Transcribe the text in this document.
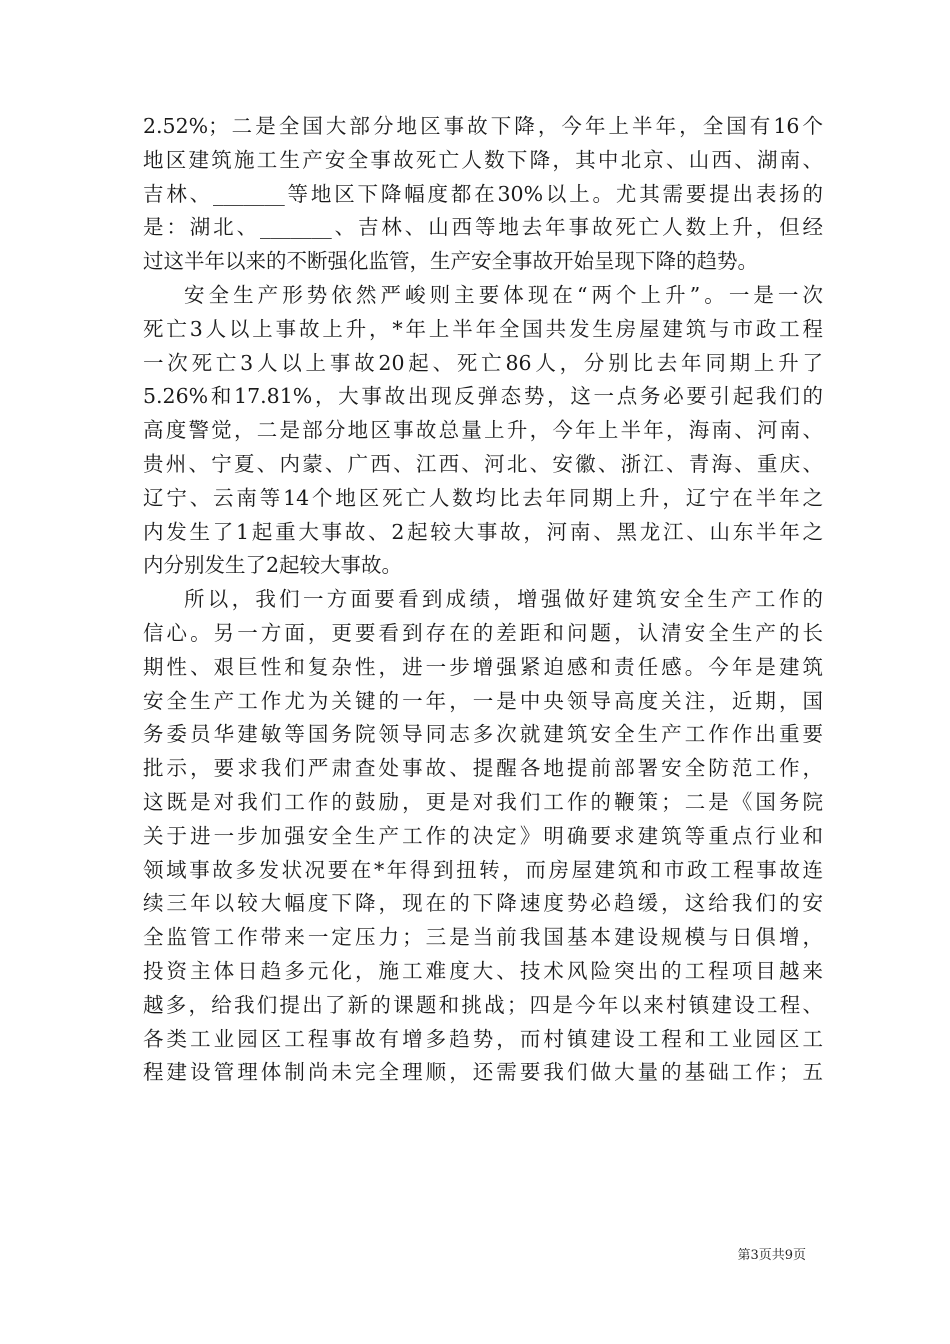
2.52%；二是全国大部分地区事故下降，今年上半年，全国有16个
地区建筑施工生产安全事故死亡人数下降，其中北京、山西、湖南、
吉林、_______等地区下降幅度都在30%以上。尤其需要提出表扬的
是：湖北、_______、吉林、山西等地去年事故死亡人数上升，但经
过这半年以来的不断强化监管，生产安全事故开始呈现下降的趋势。
安全生产形势依然严峻则主要体现在“两个上升”。一是一次
死亡3人以上事故上升，*年上半年全国共发生房屋建筑与市政工程
一次死亡3人以上事故20起、死亡86人，分别比去年同期上升了
5.26%和17.81%，大事故出现反弹态势，这一点务必要引起我们的
高度警觉，二是部分地区事故总量上升，今年上半年，海南、河南、
贵州、宁夏、内蒙、广西、江西、河北、安徽、浙江、青海、重庆、
辽宁、云南等14个地区死亡人数均比去年同期上升，辽宁在半年之
内发生了1起重大事故、2起较大事故，河南、黑龙江、山东半年之
内分别发生了2起较大事故。
所以，我们一方面要看到成绩，增强做好建筑安全生产工作的
信心。另一方面，更要看到存在的差距和问题，认清安全生产的长
期性、艰巨性和复杂性，进一步增强紧迫感和责任感。今年是建筑
安全生产工作尤为关键的一年，一是中央领导高度关注，近期，国
务委员华建敏等国务院领导同志多次就建筑安全生产工作作出重要
批示，要求我们严肃查处事故、提醒各地提前部署安全防范工作，
这既是对我们工作的鼓励，更是对我们工作的鞭策；二是《国务院
关于进一步加强安全生产工作的决定》明确要求建筑等重点行业和
领域事故多发状况要在*年得到扭转，而房屋建筑和市政工程事故连
续三年以较大幅度下降，现在的下降速度势必趋缓，这给我们的安
全监管工作带来一定压力；三是当前我国基本建设规模与日俱增，
投资主体日趋多元化，施工难度大、技术风险突出的工程项目越来
越多，给我们提出了新的课题和挑战；四是今年以来村镇建设工程、
各类工业园区工程事故有增多趋势，而村镇建设工程和工业园区工
程建设管理体制尚未完全理顺，还需要我们做大量的基础工作；五
第3页共9页
